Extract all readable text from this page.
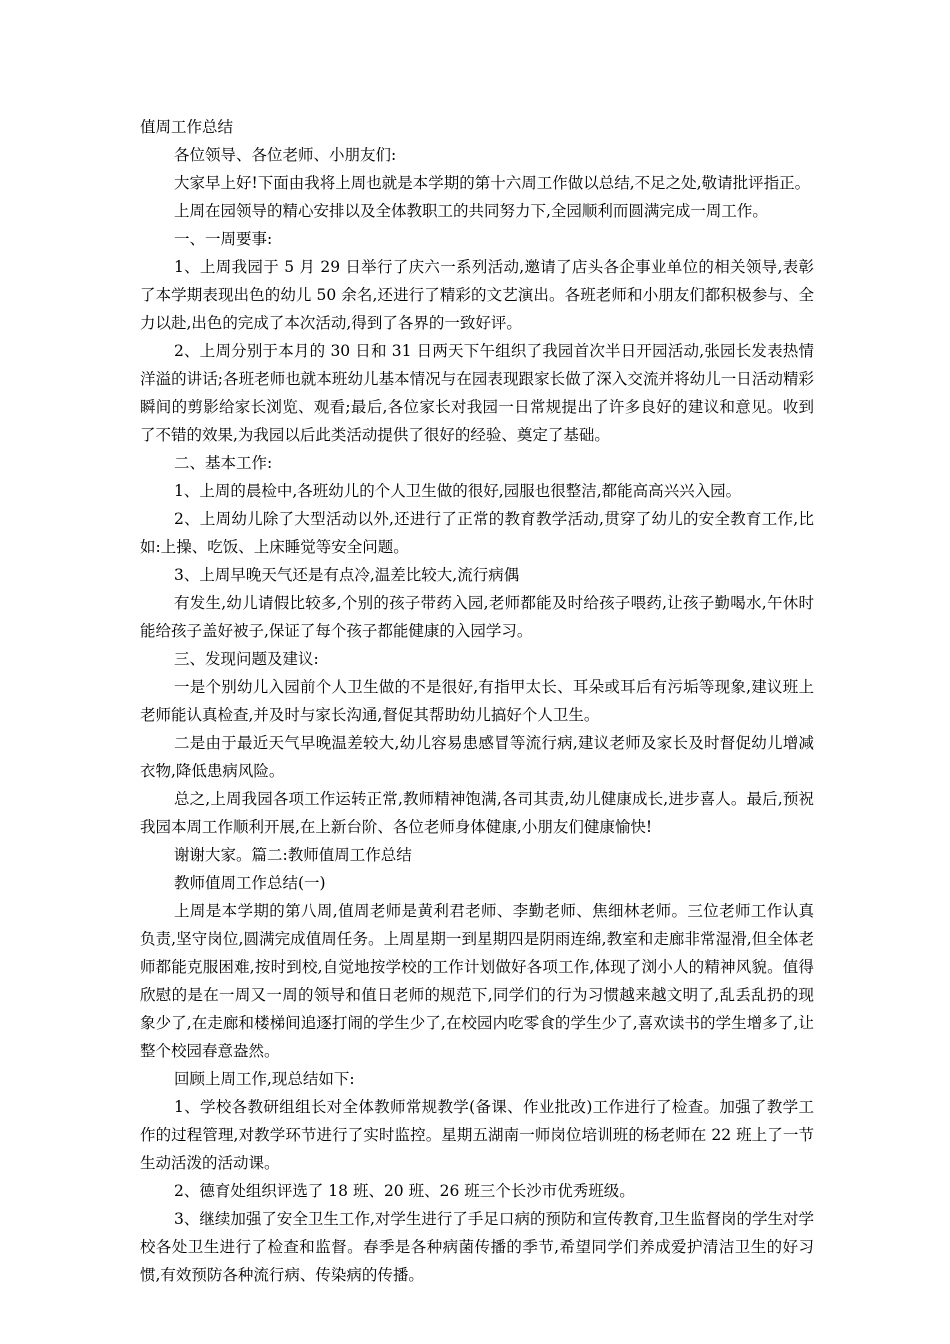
值周工作总结

各位领导、各位老师、小朋友们:

大家早上好!下面由我将上周也就是本学期的第十六周工作做以总结,不足之处,敬请批评指正。

上周在园领导的精心安排以及全体教职工的共同努力下,全园顺利而圆满完成一周工作。

一、一周要事:

1、上周我园于 5 月 29 日举行了庆六一系列活动,邀请了店头各企事业单位的相关领导,表彰了本学期表现出色的幼儿 50 余名,还进行了精彩的文艺演出。各班老师和小朋友们都积极参与、全力以赴,出色的完成了本次活动,得到了各界的一致好评。

2、上周分别于本月的 30 日和 31 日两天下午组织了我园首次半日开园活动,张园长发表热情洋溢的讲话;各班老师也就本班幼儿基本情况与在园表现跟家长做了深入交流并将幼儿一日活动精彩瞬间的剪影给家长浏览、观看;最后,各位家长对我园一日常规提出了许多良好的建议和意见。收到了不错的效果,为我园以后此类活动提供了很好的经验、奠定了基础。

二、基本工作:

1、上周的晨检中,各班幼儿的个人卫生做的很好,园服也很整洁,都能高高兴兴入园。

2、上周幼儿除了大型活动以外,还进行了正常的教育教学活动,贯穿了幼儿的安全教育工作,比如:上操、吃饭、上床睡觉等安全问题。

3、上周早晚天气还是有点冷,温差比较大,流行病偶

有发生,幼儿请假比较多,个别的孩子带药入园,老师都能及时给孩子喂药,让孩子勤喝水,午休时能给孩子盖好被子,保证了每个孩子都能健康的入园学习。

三、发现问题及建议:

一是个别幼儿入园前个人卫生做的不是很好,有指甲太长、耳朵或耳后有污垢等现象,建议班上老师能认真检查,并及时与家长沟通,督促其帮助幼儿搞好个人卫生。

二是由于最近天气早晚温差较大,幼儿容易患感冒等流行病,建议老师及家长及时督促幼儿增减衣物,降低患病风险。

总之,上周我园各项工作运转正常,教师精神饱满,各司其责,幼儿健康成长,进步喜人。最后,预祝我园本周工作顺利开展,在上新台阶、各位老师身体健康,小朋友们健康愉快!

谢谢大家。篇二:教师值周工作总结

教师值周工作总结(一)

上周是本学期的第八周,值周老师是黄利君老师、李勤老师、焦细林老师。三位老师工作认真负责,坚守岗位,圆满完成值周任务。上周星期一到星期四是阴雨连绵,教室和走廊非常湿滑,但全体老师都能克服困难,按时到校,自觉地按学校的工作计划做好各项工作,体现了浏小人的精神风貌。值得欣慰的是在一周又一周的领导和值日老师的规范下,同学们的行为习惯越来越文明了,乱丢乱扔的现象少了,在走廊和楼梯间追逐打闹的学生少了,在校园内吃零食的学生少了,喜欢读书的学生增多了,让整个校园春意盎然。

回顾上周工作,现总结如下:

1、学校各教研组组长对全体教师常规教学(备课、作业批改)工作进行了检查。加强了教学工作的过程管理,对教学环节进行了实时监控。星期五湖南一师岗位培训班的杨老师在 22 班上了一节生动活泼的活动课。

2、德育处组织评选了 18 班、20 班、26 班三个长沙市优秀班级。

3、继续加强了安全卫生工作,对学生进行了手足口病的预防和宣传教育,卫生监督岗的学生对学校各处卫生进行了检查和监督。春季是各种病菌传播的季节,希望同学们养成爱护清洁卫生的好习惯,有效预防各种流行病、传染病的传播。
